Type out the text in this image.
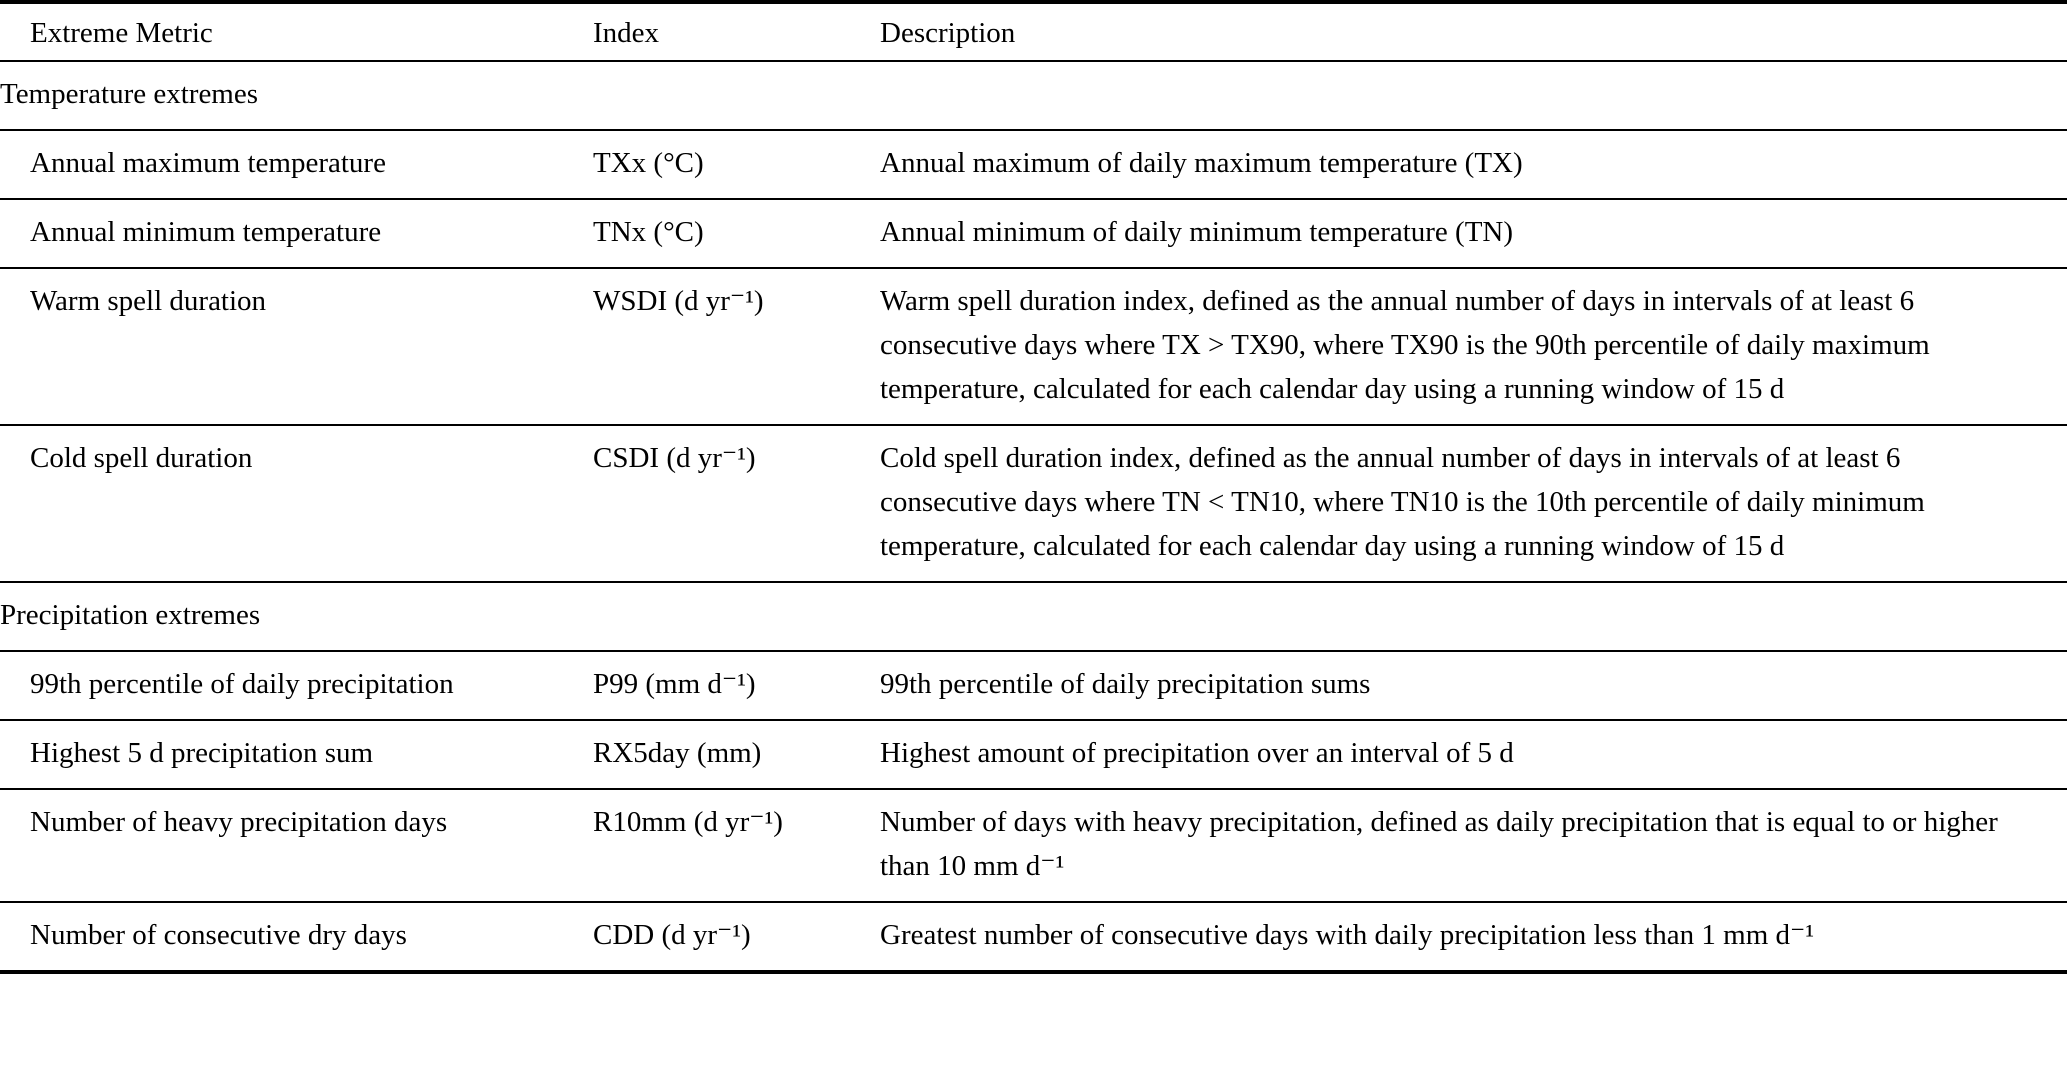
Extreme Metric	Index	Description
Temperature extremes		
Annual maximum temperature	TXx (°C)	Annual maximum of daily maximum temperature (TX)
Annual minimum temperature	TNx (°C)	Annual minimum of daily minimum temperature (TN)
Warm spell duration	WSDI (d yr⁻¹)	Warm spell duration index, defined as the annual number of days in intervals of at least 6 consecutive days where TX > TX90, where TX90 is the 90th percentile of daily maximum temperature, calculated for each calendar day using a running window of 15 d
Cold spell duration	CSDI (d yr⁻¹)	Cold spell duration index, defined as the annual number of days in intervals of at least 6 consecutive days where TN < TN10, where TN10 is the 10th percentile of daily minimum temperature, calculated for each calendar day using a running window of 15 d
Precipitation extremes		
99th percentile of daily precipitation	P99 (mm d⁻¹)	99th percentile of daily precipitation sums
Highest 5 d precipitation sum	RX5day (mm)	Highest amount of precipitation over an interval of 5 d
Number of heavy precipitation days	R10mm (d yr⁻¹)	Number of days with heavy precipitation, defined as daily precipitation that is equal to or higher than 10 mm d⁻¹
Number of consecutive dry days	CDD (d yr⁻¹)	Greatest number of consecutive days with daily precipitation less than 1 mm d⁻¹
